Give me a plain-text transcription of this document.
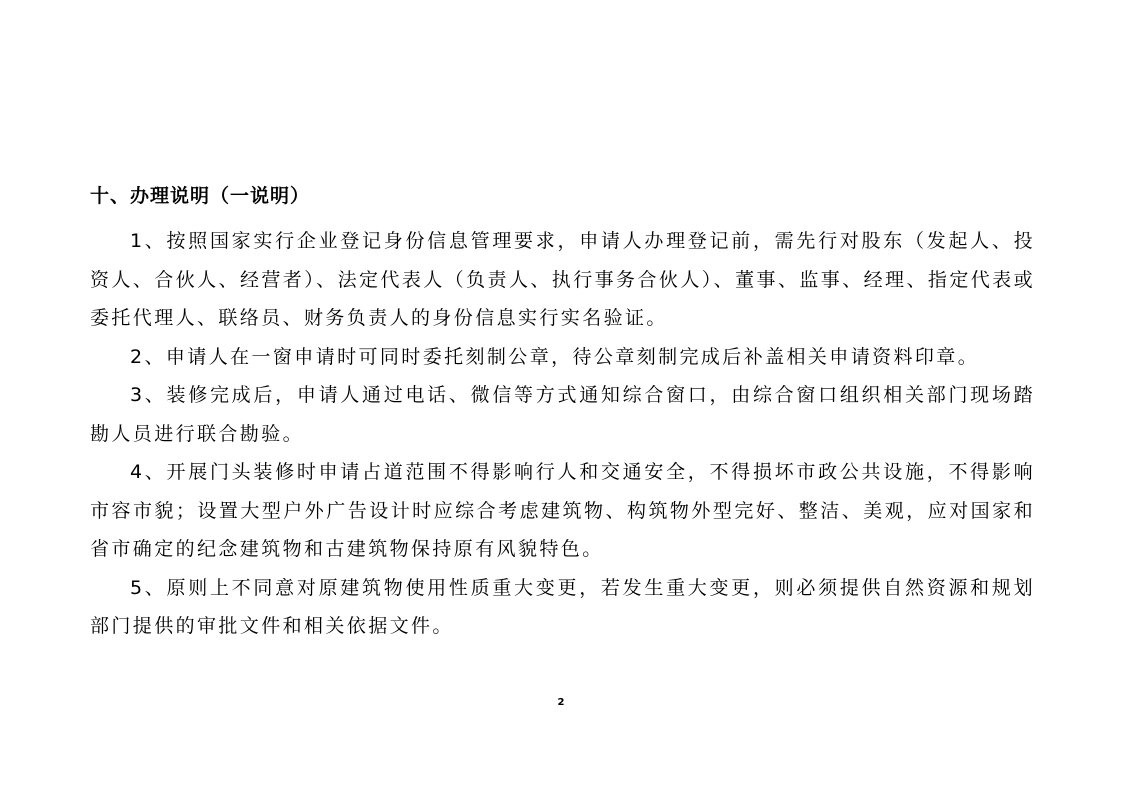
十、办理说明（一说明）

1、按照国家实行企业登记身份信息管理要求，申请人办理登记前，需先行对股东（发起人、投资人、合伙人、经营者）、法定代表人（负责人、执行事务合伙人）、董事、监事、经理、指定代表或委托代理人、联络员、财务负责人的身份信息实行实名验证。

2、申请人在一窗申请时可同时委托刻制公章，待公章刻制完成后补盖相关申请资料印章。

3、装修完成后，申请人通过电话、微信等方式通知综合窗口，由综合窗口组织相关部门现场踏勘人员进行联合勘验。

4、开展门头装修时申请占道范围不得影响行人和交通安全，不得损坏市政公共设施，不得影响市容市貌；设置大型户外广告设计时应综合考虑建筑物、构筑物外型完好、整洁、美观，应对国家和省市确定的纪念建筑物和古建筑物保持原有风貌特色。

5、原则上不同意对原建筑物使用性质重大变更，若发生重大变更，则必须提供自然资源和规划部门提供的审批文件和相关依据文件。

2
